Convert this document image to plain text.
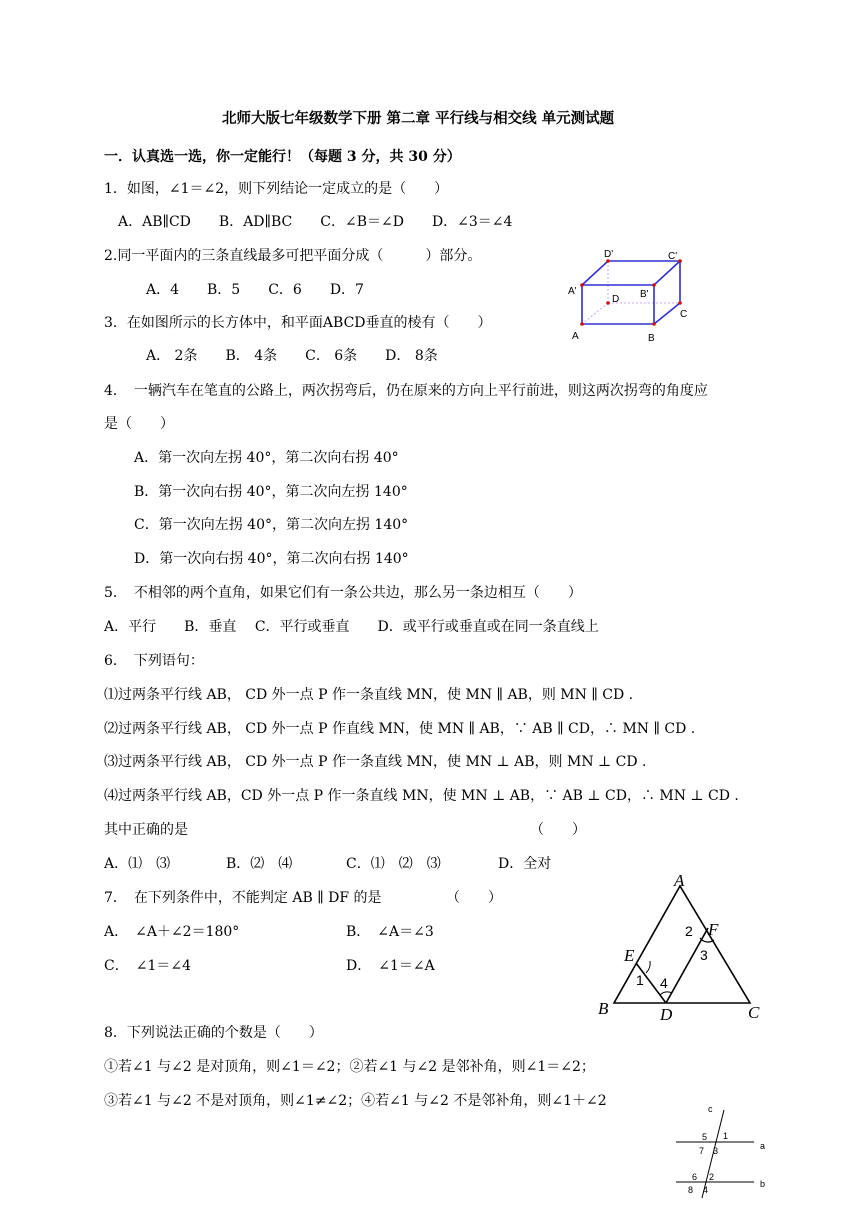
北师大版七年级数学下册 第二章 平行线与相交线 单元测试题
一．认真选一选，你一定能行！（每题 3 分，共 30 分）
1．如图，∠1＝∠2，则下列结论一定成立的是（　　）
A．AB∥CD　　B．AD∥BC　　C．∠B＝∠D　　D．∠3＝∠4
2.同一平面内的三条直线最多可把平面分成（　　　）部分。
A．4　　B．5　　C．6　　D．7
3．在如图所示的长方体中，和平面ABCD垂直的棱有（　　）
A． 2条　　B． 4条　　C． 6条　　D． 8条
D'	C'
A'	B'
D
A	B
C
4．　一辆汽车在笔直的公路上，两次拐弯后，仍在原来的方向上平行前进，则这两次拐弯的角度应
是（　　）
A．第一次向左拐 40°，第二次向右拐 40°
B．第一次向右拐 40°，第二次向左拐 140°
C．第一次向左拐 40°，第二次向左拐 140°
D．第一次向右拐 40°，第二次向右拐 140°
5．　不相邻的两个直角，如果它们有一条公共边，那么另一条边相互（　　）
A．平行　　B．垂直　 C．平行或垂直　　D．或平行或垂直或在同一条直线上
6．　下列语句：
⑴过两条平行线 AB， CD 外一点 P 作一条直线 MN，使 MN ∥ AB，则 MN ∥ CD .
⑵过两条平行线 AB， CD 外一点 P 作直线 MN，使 MN ∥ AB，∵ AB ∥ CD，∴ MN ∥ CD .
⑶过两条平行线 AB， CD 外一点 P 作一条直线 MN，使 MN ⊥ AB，则 MN ⊥ CD .
⑷过两条平行线 AB，CD 外一点 P 作一条直线 MN，使 MN ⊥ AB，∵ AB ⊥ CD，∴ MN ⊥ CD .
其中正确的是	（　　）
A．⑴　⑶	B．⑵　⑷	C．⑴　⑵　⑶	D．全对
7．　在下列条件中，不能判定 AB ∥ DF 的是	（　　）
A．　∠A＋∠2＝180°	B．　∠A＝∠3
C．　∠1＝∠4	D．　∠1＝∠A
A
B	C
D
E
F
1
2
3
4
8．下列说法正确的个数是（　　）
①若∠1 与∠2 是对顶角，则∠1＝∠2；②若∠1 与∠2 是邻补角，则∠1＝∠2；
③若∠1 与∠2 不是对顶角，则∠1≠∠2；④若∠1 与∠2 不是邻补角，则∠1＋∠2	c
a
b
5 1
7 3
6 2
8 4
